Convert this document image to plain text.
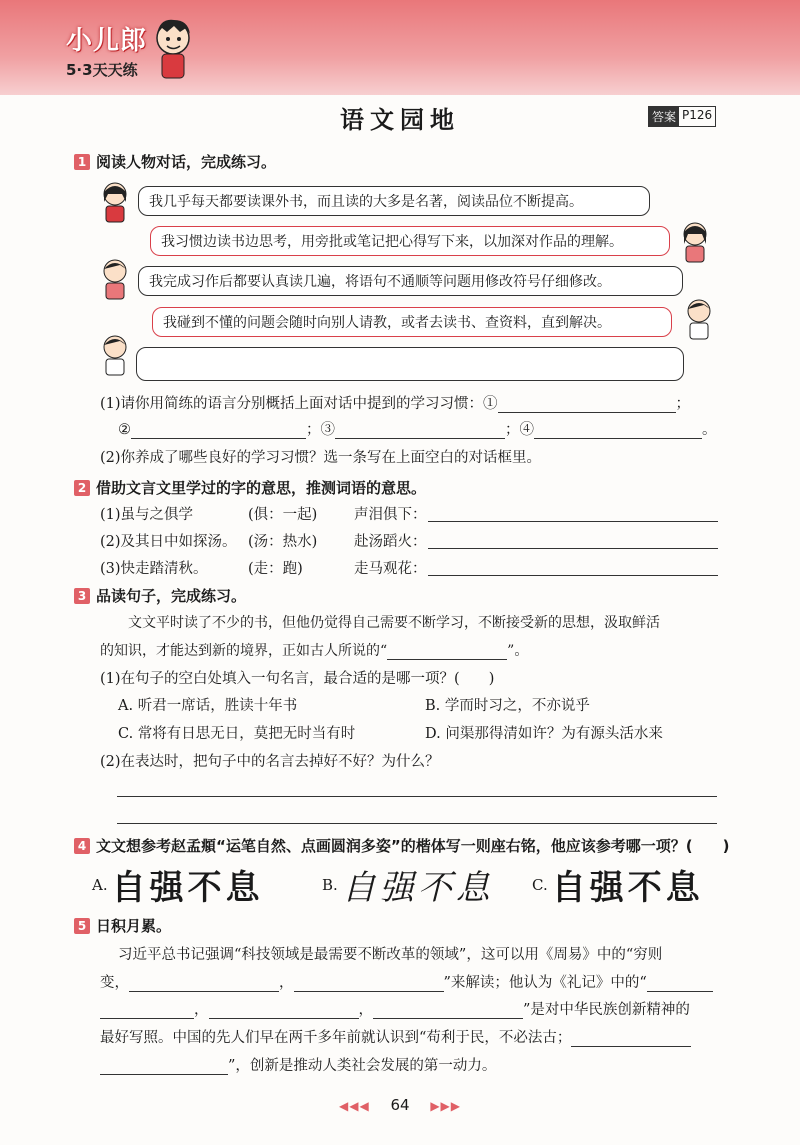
小儿郎
5·3天天练
语文园地	答案 P126
1 阅读人物对话，完成练习。
我几乎每天都要读课外书，而且读的大多是名著，阅读品位不断提高。
我习惯边读书边思考，用旁批或笔记把心得写下来，以加深对作品的理解。
我完成习作后都要认真读几遍，将语句不通顺等问题用修改符号仔细修改。
我碰到不懂的问题会随时向别人请教，或者去读书、查资料，直到解决。
(1)请你用简练的语言分别概括上面对话中提到的学习习惯：①	；
②	；③	；④	。
(2)你养成了哪些良好的学习习惯？选一条写在上面空白的对话框里。
2 借助文言文里学过的字的意思，推测词语的意思。
(1)虽与之俱学	(俱：一起)	声泪俱下：
(2)及其日中如探汤。 (汤：热水)	赴汤蹈火：
(3)快走踏清秋。	(走：跑)	走马观花：
3 品读句子，完成练习。
文文平时读了不少的书，但他仍觉得自己需要不断学习，不断接受新的思想，汲取鲜活
的知识，才能达到新的境界，正如古人所说的“	”。
(1)在句子的空白处填入一句名言，最合适的是哪一项？(　　)
A. 听君一席话，胜读十年书	B. 学而时习之，不亦说乎
C. 常将有日思无日，莫把无时当有时	D. 问渠那得清如许？为有源头活水来
(2)在表达时，把句子中的名言去掉好不好？为什么？
4 文文想参考赵孟頫“运笔自然、点画圆润多姿”的楷体写一则座右铭，他应该参考哪一项？(　　)
A. 自强不息	B. 自强不息	C. 自强不息
5 日积月累。
习近平总书记强调“科技领域是最需要不断改革的领域”，这可以用《周易》中的“穷则
变，	，	”来解读；他认为《礼记》中的“
，	，	”是对中华民族创新精神的
最好写照。中国的先人们早在两千多年前就认识到“苟利于民，不必法古；
”，创新是推动人类社会发展的第一动力。
◀◀◀ 64 ▶▶▶
